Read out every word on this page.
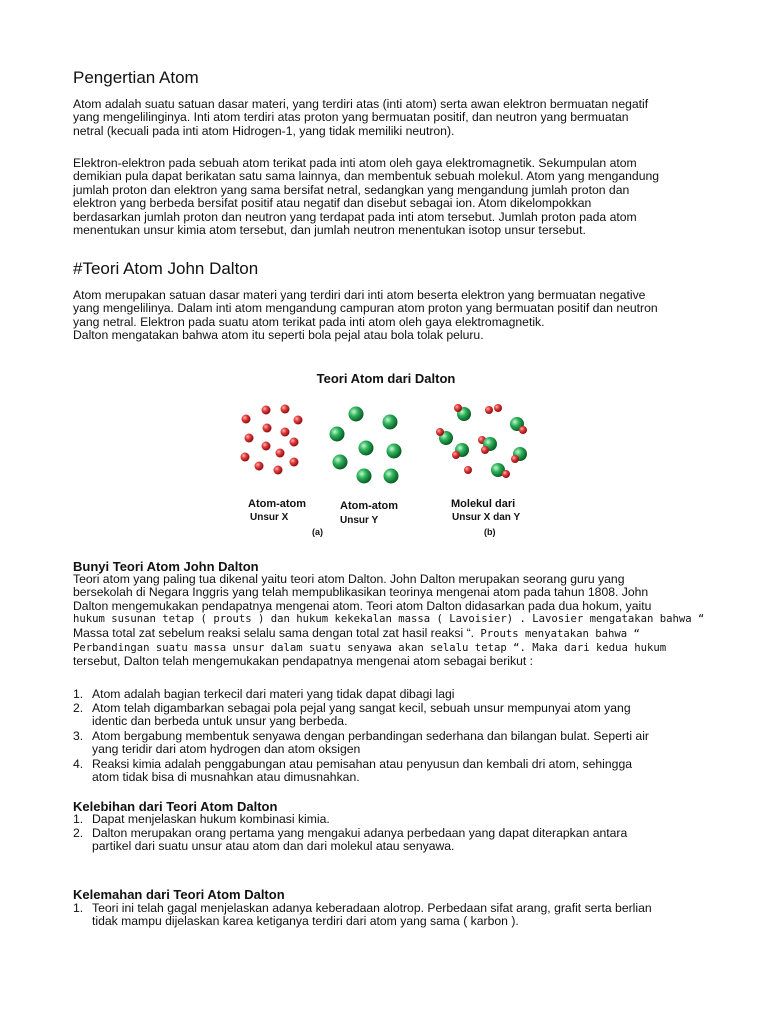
Pengertian Atom
Atom adalah suatu satuan dasar materi, yang terdiri atas (inti atom) serta awan elektron bermuatan negatif
yang mengelilinginya. Inti atom terdiri atas proton yang bermuatan positif, dan neutron yang bermuatan
netral (kecuali pada inti atom Hidrogen-1, yang tidak memiliki neutron).
Elektron-elektron pada sebuah atom terikat pada inti atom oleh gaya elektromagnetik. Sekumpulan atom
demikian pula dapat berikatan satu sama lainnya, dan membentuk sebuah molekul. Atom yang mengandung
jumlah proton dan elektron yang sama bersifat netral, sedangkan yang mengandung jumlah proton dan
elektron yang berbeda bersifat positif atau negatif dan disebut sebagai ion. Atom dikelompokkan
berdasarkan jumlah proton dan neutron yang terdapat pada inti atom tersebut. Jumlah proton pada atom
menentukan unsur kimia atom tersebut, dan jumlah neutron menentukan isotop unsur tersebut.
#Teori Atom John Dalton
Atom merupakan satuan dasar materi yang terdiri dari inti atom beserta elektron yang bermuatan negative
yang mengelilinya. Dalam inti atom mengandung campuran atom proton yang bermuatan positif dan neutron
yang netral. Elektron pada suatu atom terikat pada inti atom oleh gaya elektromagnetik.
Dalton mengatakan bahwa atom itu seperti bola pejal atau bola tolak peluru.
Teori Atom dari Dalton
Atom-atom
Unsur X
Atom-atom
Unsur Y
Molekul dari
Unsur X dan Y
(a)	(b)
Bunyi Teori Atom John Dalton
Teori atom yang paling tua dikenal yaitu teori atom Dalton. John Dalton merupakan seorang guru yang
bersekolah di Negara Inggris yang telah mempublikasikan teorinya mengenai atom pada tahun 1808. John
Dalton mengemukakan pendapatnya mengenai atom. Teori atom Dalton didasarkan pada dua hokum, yaitu
hukum susunan tetap ( prouts ) dan hukum kekekalan massa ( Lavoisier) . Lavosier mengatakan bahwa “
Massa total zat sebelum reaksi selalu sama dengan total zat hasil reaksi “. Prouts menyatakan bahwa “
Perbandingan suatu massa unsur dalam suatu senyawa akan selalu tetap “. Maka dari kedua hukum
tersebut, Dalton telah mengemukakan pendapatnya mengenai atom sebagai berikut :
1. Atom adalah bagian terkecil dari materi yang tidak dapat dibagi lagi
2. Atom telah digambarkan sebagai pola pejal yang sangat kecil, sebuah unsur mempunyai atom yang
identic dan berbeda untuk unsur yang berbeda.
3. Atom bergabung membentuk senyawa dengan perbandingan sederhana dan bilangan bulat. Seperti air
yang teridir dari atom hydrogen dan atom oksigen
4. Reaksi kimia adalah penggabungan atau pemisahan atau penyusun dan kembali dri atom, sehingga
atom tidak bisa di musnahkan atau dimusnahkan.
Kelebihan dari Teori Atom Dalton
1. Dapat menjelaskan hukum kombinasi kimia.
2. Dalton merupakan orang pertama yang mengakui adanya perbedaan yang dapat diterapkan antara
partikel dari suatu unsur atau atom dan dari molekul atau senyawa.
Kelemahan dari Teori Atom Dalton
1. Teori ini telah gagal menjelaskan adanya keberadaan alotrop. Perbedaan sifat arang, grafit serta berlian
tidak mampu dijelaskan karea ketiganya terdiri dari atom yang sama ( karbon ).
